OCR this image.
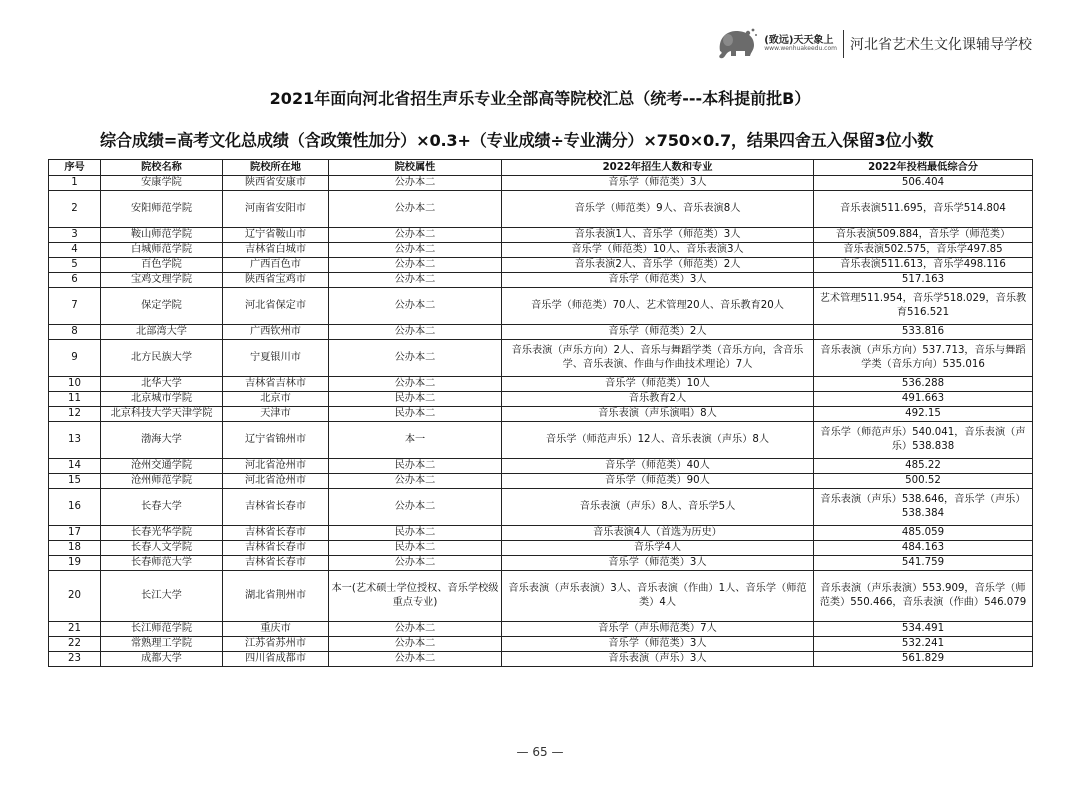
(致远)天天象上
www.wenhuakeedu.com 河北省艺术生文化课辅导学校
2021年面向河北省招生声乐专业全部高等院校汇总（统考---本科提前批B）
综合成绩=高考文化总成绩（含政策性加分）×0.3+（专业成绩÷专业满分）×750×0.7，结果四舍五入保留3位小数
序号	院校名称	院校所在地	院校属性	2022年招生人数和专业	2022年投档最低综合分
1	安康学院	陕西省安康市	公办本二	音乐学（师范类）3人	506.404
2	安阳师范学院	河南省安阳市	公办本二	音乐学（师范类）9人、音乐表演8人	音乐表演511.695，音乐学514.804
3	鞍山师范学院	辽宁省鞍山市	公办本二	音乐表演1人、音乐学（师范类）3人	音乐表演509.884，音乐学（师范类）
4	白城师范学院	吉林省白城市	公办本二	音乐学（师范类）10人、音乐表演3人	音乐表演502.575，音乐学497.85
5	百色学院	广西百色市	公办本二	音乐表演2人、音乐学（师范类）2人	音乐表演511.613，音乐学498.116
6	宝鸡文理学院	陕西省宝鸡市	公办本二	音乐学（师范类）3人	517.163
7	保定学院	河北省保定市	公办本二	音乐学（师范类）70人、艺术管理20人、音乐教育20人	艺术管理511.954，音乐学518.029，音乐教育516.521
8	北部湾大学	广西钦州市	公办本二	音乐学（师范类）2人	533.816
9	北方民族大学	宁夏银川市	公办本二	音乐表演（声乐方向）2人、音乐与舞蹈学类（音乐方向，含音乐学、音乐表演、作曲与作曲技术理论）7人	音乐表演（声乐方向）537.713，音乐与舞蹈学类（音乐方向）535.016
10	北华大学	吉林省吉林市	公办本二	音乐学（师范类）10人	536.288
11	北京城市学院	北京市	民办本二	音乐教育2人	491.663
12	北京科技大学天津学院	天津市	民办本二	音乐表演（声乐演唱）8人	492.15
13	渤海大学	辽宁省锦州市	本一	音乐学（师范声乐）12人、音乐表演（声乐）8人	音乐学（师范声乐）540.041，音乐表演（声乐）538.838
14	沧州交通学院	河北省沧州市	民办本二	音乐学（师范类）40人	485.22
15	沧州师范学院	河北省沧州市	公办本二	音乐学（师范类）90人	500.52
16	长春大学	吉林省长春市	公办本二	音乐表演（声乐）8人、音乐学5人	音乐表演（声乐）538.646，音乐学（声乐）538.384
17	长春光华学院	吉林省长春市	民办本二	音乐表演4人（首选为历史）	485.059
18	长春人文学院	吉林省长春市	民办本二	音乐学4人	484.163
19	长春师范大学	吉林省长春市	公办本二	音乐学（师范类）3人	541.759
20	长江大学	湖北省荆州市	本一(艺术硕士学位授权、音乐学校级重点专业)	音乐表演（声乐表演）3人、音乐表演（作曲）1人、音乐学（师范类）4人	音乐表演（声乐表演）553.909，音乐学（师范类）550.466，音乐表演（作曲）546.079
21	长江师范学院	重庆市	公办本二	音乐学（声乐师范类）7人	534.491
22	常熟理工学院	江苏省苏州市	公办本二	音乐学（师范类）3人	532.241
23	成都大学	四川省成都市	公办本二	音乐表演（声乐）3人	561.829
— 65 —
